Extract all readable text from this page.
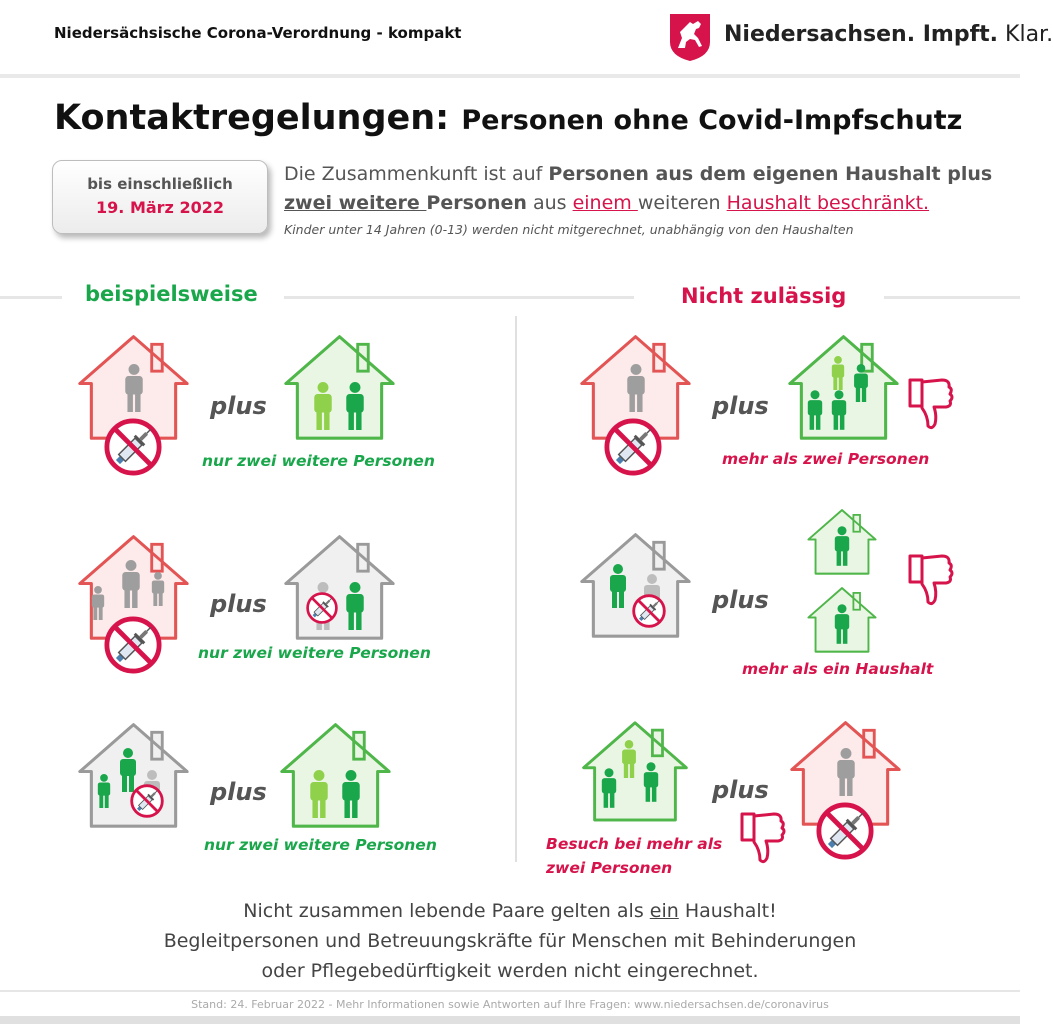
Niedersächsische Corona-Verordnung - kompakt	Niedersachsen. Impft. Klar.
Kontaktregelungen: Personen ohne Covid-Impfschutz
bis einschließlich
19. März 2022
Die Zusammenkunft ist auf Personen aus dem eigenen Haushalt plus
zwei weitere Personen aus einem weiteren Haushalt beschränkt.
Kinder unter 14 Jahren (0-13) werden nicht mitgerechnet, unabhängig von den Haushalten
beispielsweise	Nicht zulässig
plus
nur zwei weitere Personen
plus
nur zwei weitere Personen
plus
nur zwei weitere Personen
plus
mehr als zwei Personen
plus
mehr als ein Haushalt
plus
Besuch bei mehr als
zwei Personen
Nicht zusammen lebende Paare gelten als ein Haushalt!
Begleitpersonen und Betreuungskräfte für Menschen mit Behinderungen
oder Pflegebedürftigkeit werden nicht eingerechnet.
Stand: 24. Februar 2022 - Mehr Informationen sowie Antworten auf Ihre Fragen: www.niedersachsen.de/coronavirus
